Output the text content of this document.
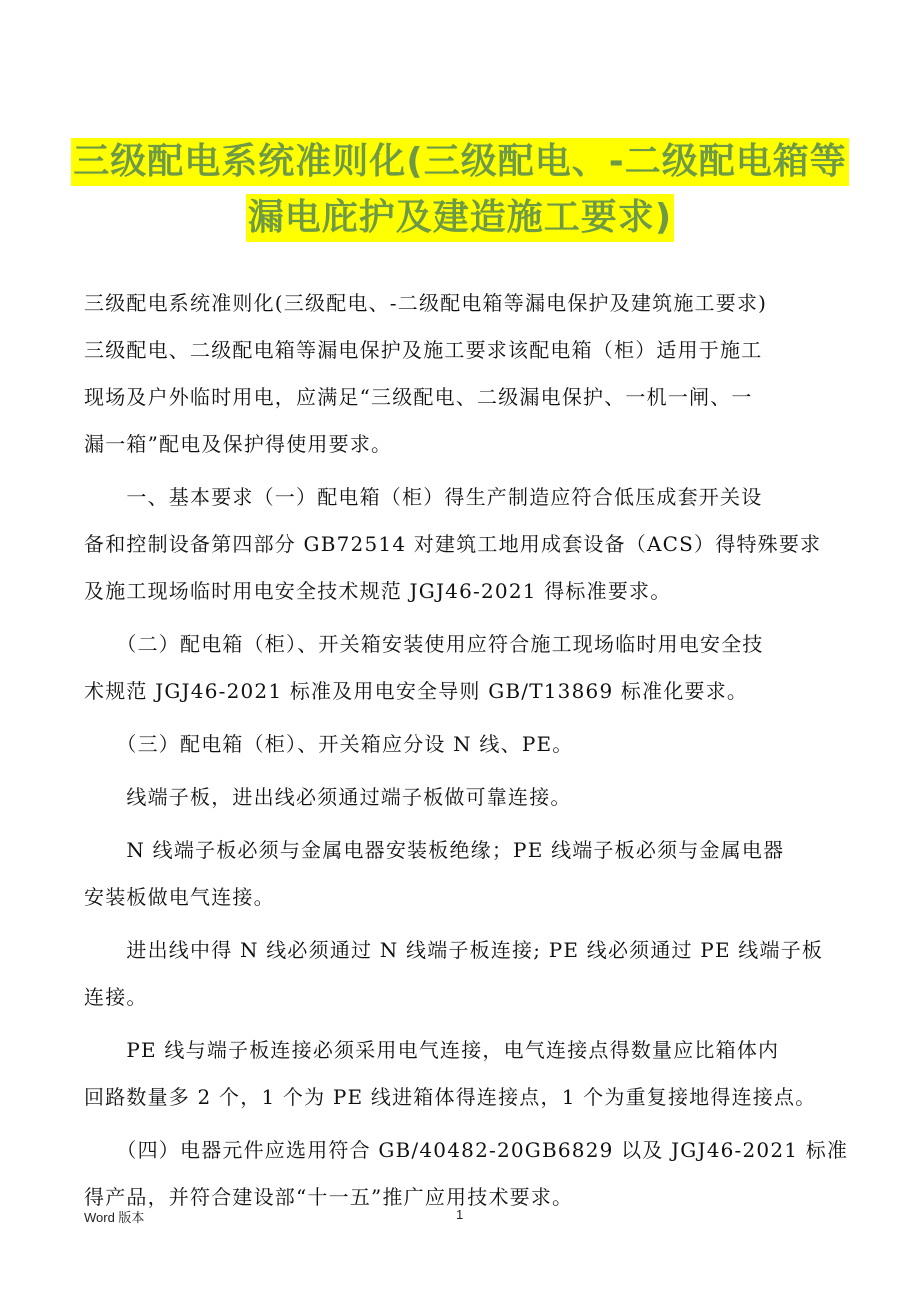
三级配电系统准则化(三级配电、-二级配电箱等
漏电庇护及建造施工要求)
三级配电系统准则化(三级配电、-二级配电箱等漏电保护及建筑施工要求)
三级配电、二级配电箱等漏电保护及施工要求该配电箱（柜）适用于施工
现场及户外临时用电，应满足“三级配电、二级漏电保护、一机一闸、一
漏一箱”配电及保护得使用要求。
　　一、基本要求（一）配电箱（柜）得生产制造应符合低压成套开关设
备和控制设备第四部分 GB72514 对建筑工地用成套设备（ACS）得特殊要求
及施工现场临时用电安全技术规范 JGJ46-2021 得标准要求。
　　（二）配电箱（柜）、开关箱安装使用应符合施工现场临时用电安全技
术规范 JGJ46-2021 标准及用电安全导则 GB/T13869 标准化要求。
　　（三）配电箱（柜）、开关箱应分设 N 线、PE。
　　线端子板，进出线必须通过端子板做可靠连接。
　　N 线端子板必须与金属电器安装板绝缘；PE 线端子板必须与金属电器
安装板做电气连接。
　　进出线中得 N 线必须通过 N 线端子板连接; PE 线必须通过 PE 线端子板
连接。
　　PE 线与端子板连接必须采用电气连接，电气连接点得数量应比箱体内
回路数量多 2 个，1 个为 PE 线进箱体得连接点，1 个为重复接地得连接点。
　　（四）电器元件应选用符合 GB/40482-20GB6829 以及 JGJ46-2021 标准
得产品，并符合建设部“十一五”推广应用技术要求。
Word 版本	1
